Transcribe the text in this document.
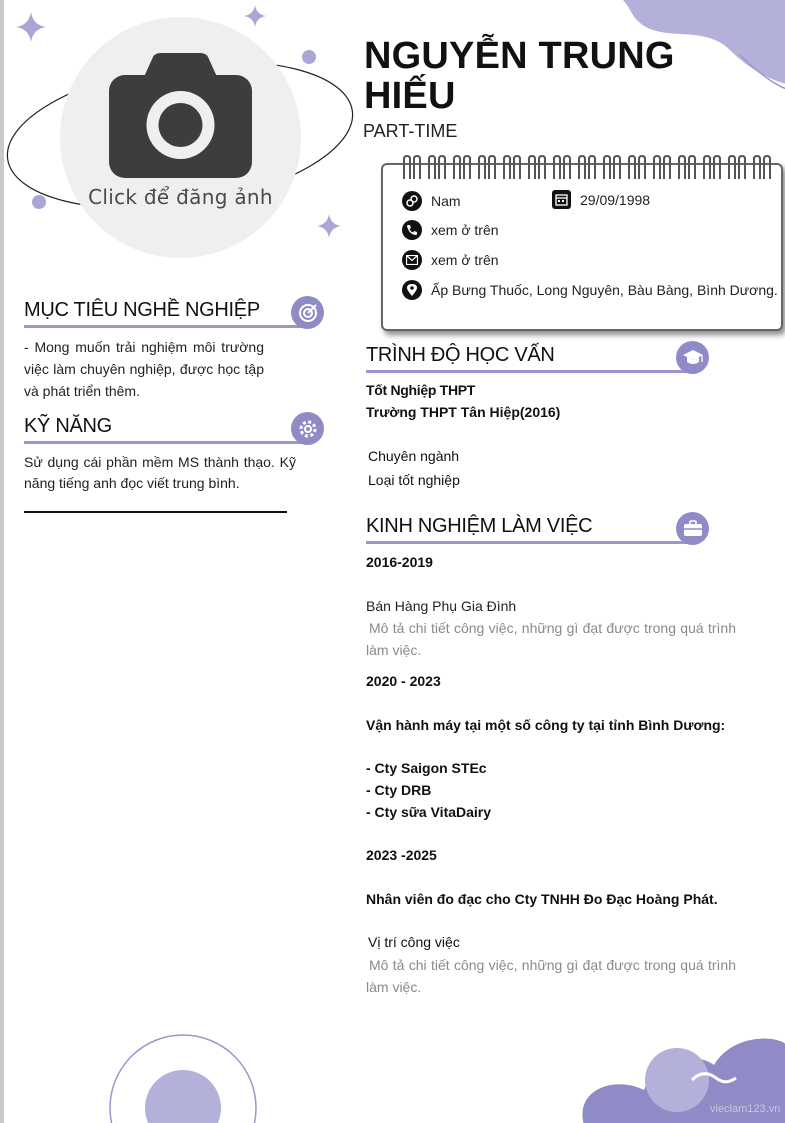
Click để đăng ảnh
NGUYỄN TRUNG HIẾU
PART-TIME
Nam	29/09/1998
xem ở trên
xem ở trên
Ấp Bưng Thuốc, Long Nguyên, Bàu Bàng, Bình Dương.
MỤC TIÊU NGHỀ NGHIỆP
- Mong muốn trải nghiệm môi trường việc làm chuyên nghiệp, được học tập và phát triển thêm.
KỸ NĂNG
Sử dụng cái phần mềm MS thành thạo. Kỹ năng tiếng anh đọc viết trung bình.
TRÌNH ĐỘ HỌC VẤN
Tốt Nghiệp THPT
Trường THPT Tân Hiệp(2016)
Chuyên ngành
Loại tốt nghiệp
KINH NGHIỆM LÀM VIỆC
2016-2019
Bán Hàng Phụ Gia Đình
Mô tả chi tiết công việc, những gì đạt được trong quá trình làm việc.
2020 - 2023
Vận hành máy tại một số công ty tại tỉnh Bình Dương:
- Cty Saigon STEc
- Cty DRB
- Cty sữa VitaDairy
2023 -2025
Nhân viên đo đạc cho Cty TNHH Đo Đạc Hoàng Phát.
Vị trí công việc
Mô tả chi tiết công việc, những gì đạt được trong quá trình làm việc.
vieclam123.vn
